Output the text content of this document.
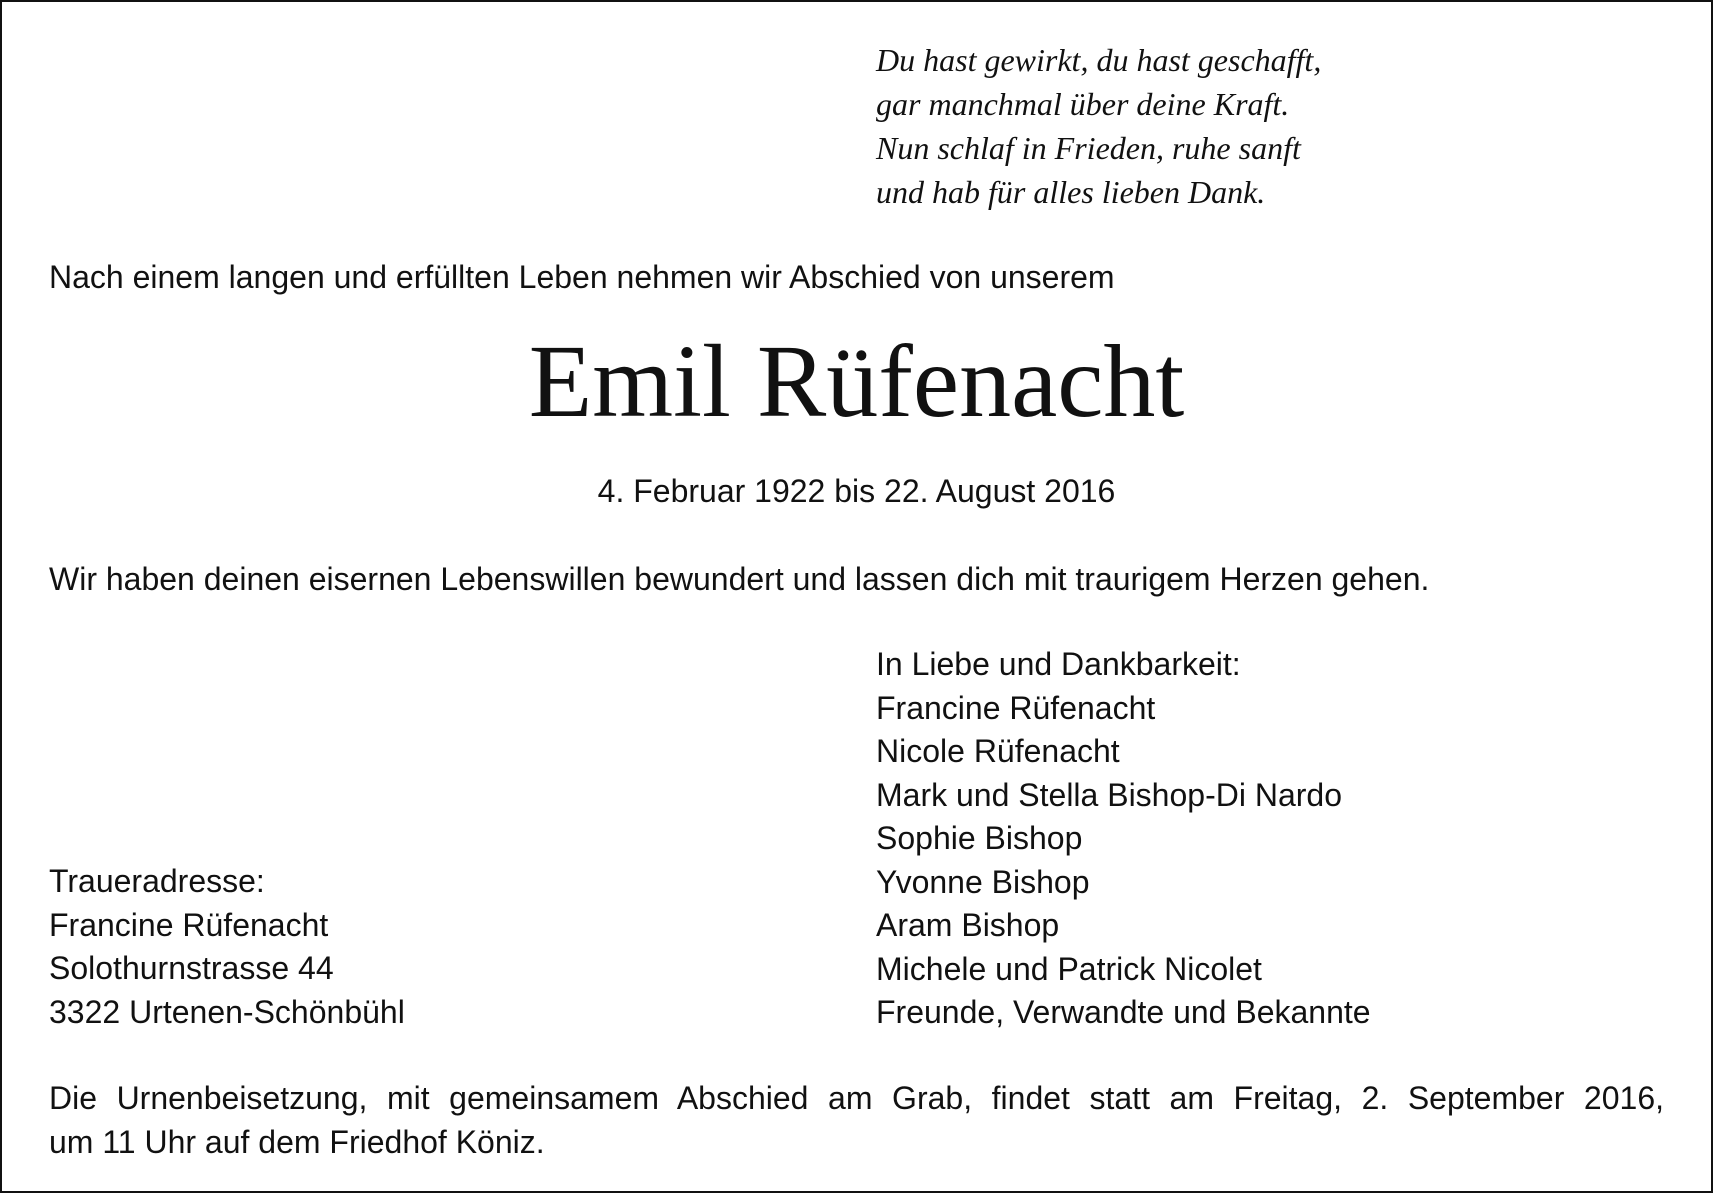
Du hast gewirkt, du hast geschafft,
gar manchmal über deine Kraft.
Nun schlaf in Frieden, ruhe sanft
und hab für alles lieben Dank.
Nach einem langen und erfüllten Leben nehmen wir Abschied von unserem
Emil Rüfenacht
4. Februar 1922 bis 22. August 2016
Wir haben deinen eisernen Lebenswillen bewundert und lassen dich mit traurigem Herzen gehen.
In Liebe und Dankbarkeit:
Francine Rüfenacht
Nicole Rüfenacht
Mark und Stella Bishop-Di Nardo
Sophie Bishop
Yvonne Bishop
Aram Bishop
Michele und Patrick Nicolet
Freunde, Verwandte und Bekannte
Traueradresse:
Francine Rüfenacht
Solothurnstrasse 44
3322 Urtenen-Schönbühl
Die Urnenbeisetzung, mit gemeinsamem Abschied am Grab, findet statt am Freitag, 2. September 2016,
um 11 Uhr auf dem Friedhof Köniz.
